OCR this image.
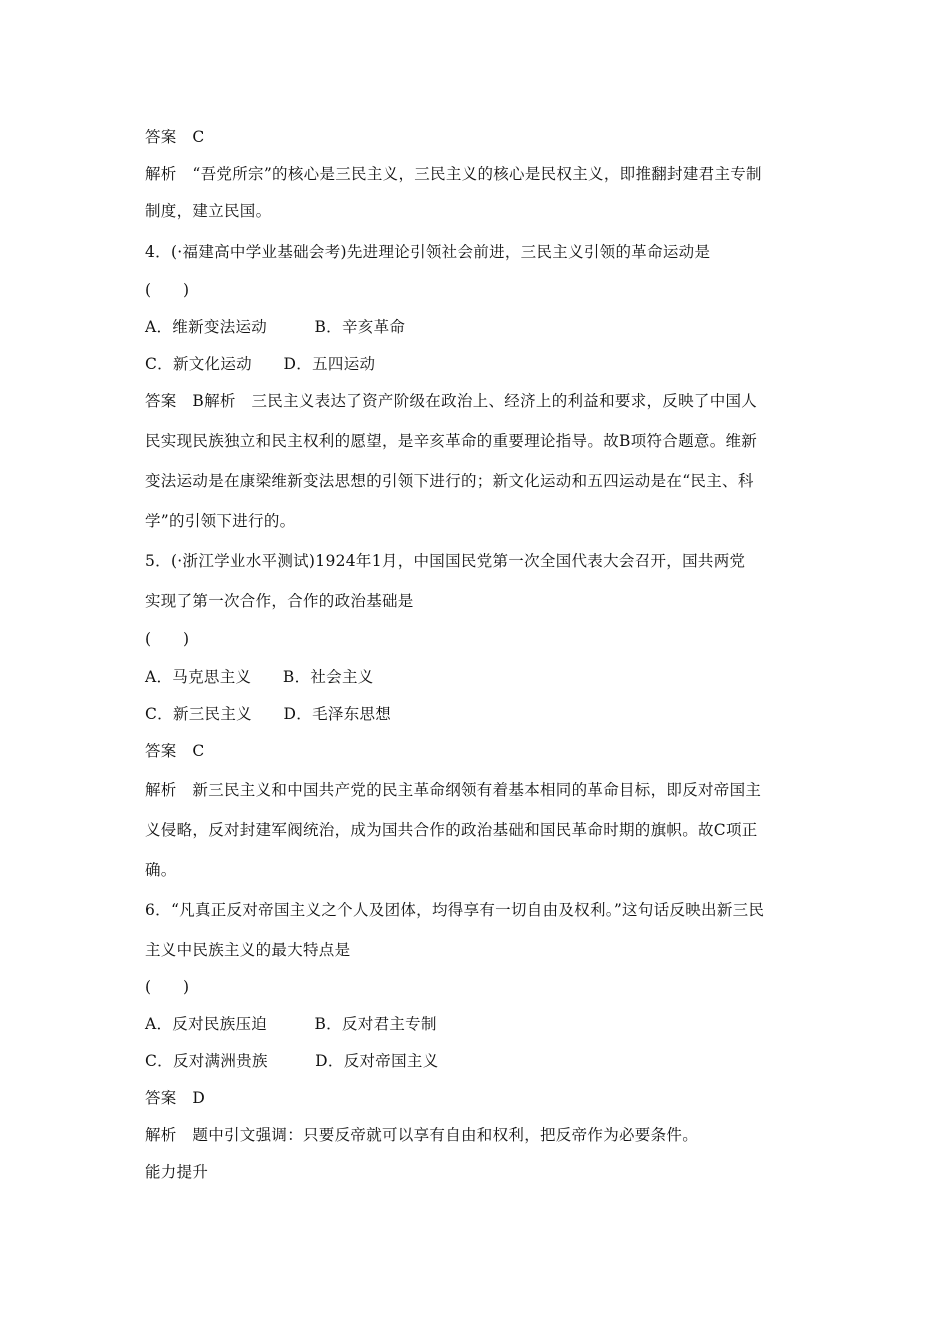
答案　C
解析　“吾党所宗”的核心是三民主义，三民主义的核心是民权主义，即推翻封建君主专制
制度，建立民国。
4．(·福建高中学业基础会考)先进理论引领社会前进，三民主义引领的革命运动是
(　　)
A．维新变法运动　　　B．辛亥革命
C．新文化运动　　D．五四运动
答案　B解析　三民主义表达了资产阶级在政治上、经济上的利益和要求，反映了中国人
民实现民族独立和民主权利的愿望，是辛亥革命的重要理论指导。故B项符合题意。维新
变法运动是在康梁维新变法思想的引领下进行的；新文化运动和五四运动是在“民主、科
学”的引领下进行的。
5．(·浙江学业水平测试)1924年1月，中国国民党第一次全国代表大会召开，国共两党
实现了第一次合作，合作的政治基础是
(　　)
A．马克思主义　　B．社会主义
C．新三民主义　　D．毛泽东思想
答案　C
解析　新三民主义和中国共产党的民主革命纲领有着基本相同的革命目标，即反对帝国主
义侵略，反对封建军阀统治，成为国共合作的政治基础和国民革命时期的旗帜。故C项正
确。
6．“凡真正反对帝国主义之个人及团体，均得享有一切自由及权利。”这句话反映出新三民
主义中民族主义的最大特点是
(　　)
A．反对民族压迫　　　B．反对君主专制
C．反对满洲贵族　　　D．反对帝国主义
答案　D
解析　题中引文强调：只要反帝就可以享有自由和权利，把反帝作为必要条件。
能力提升
